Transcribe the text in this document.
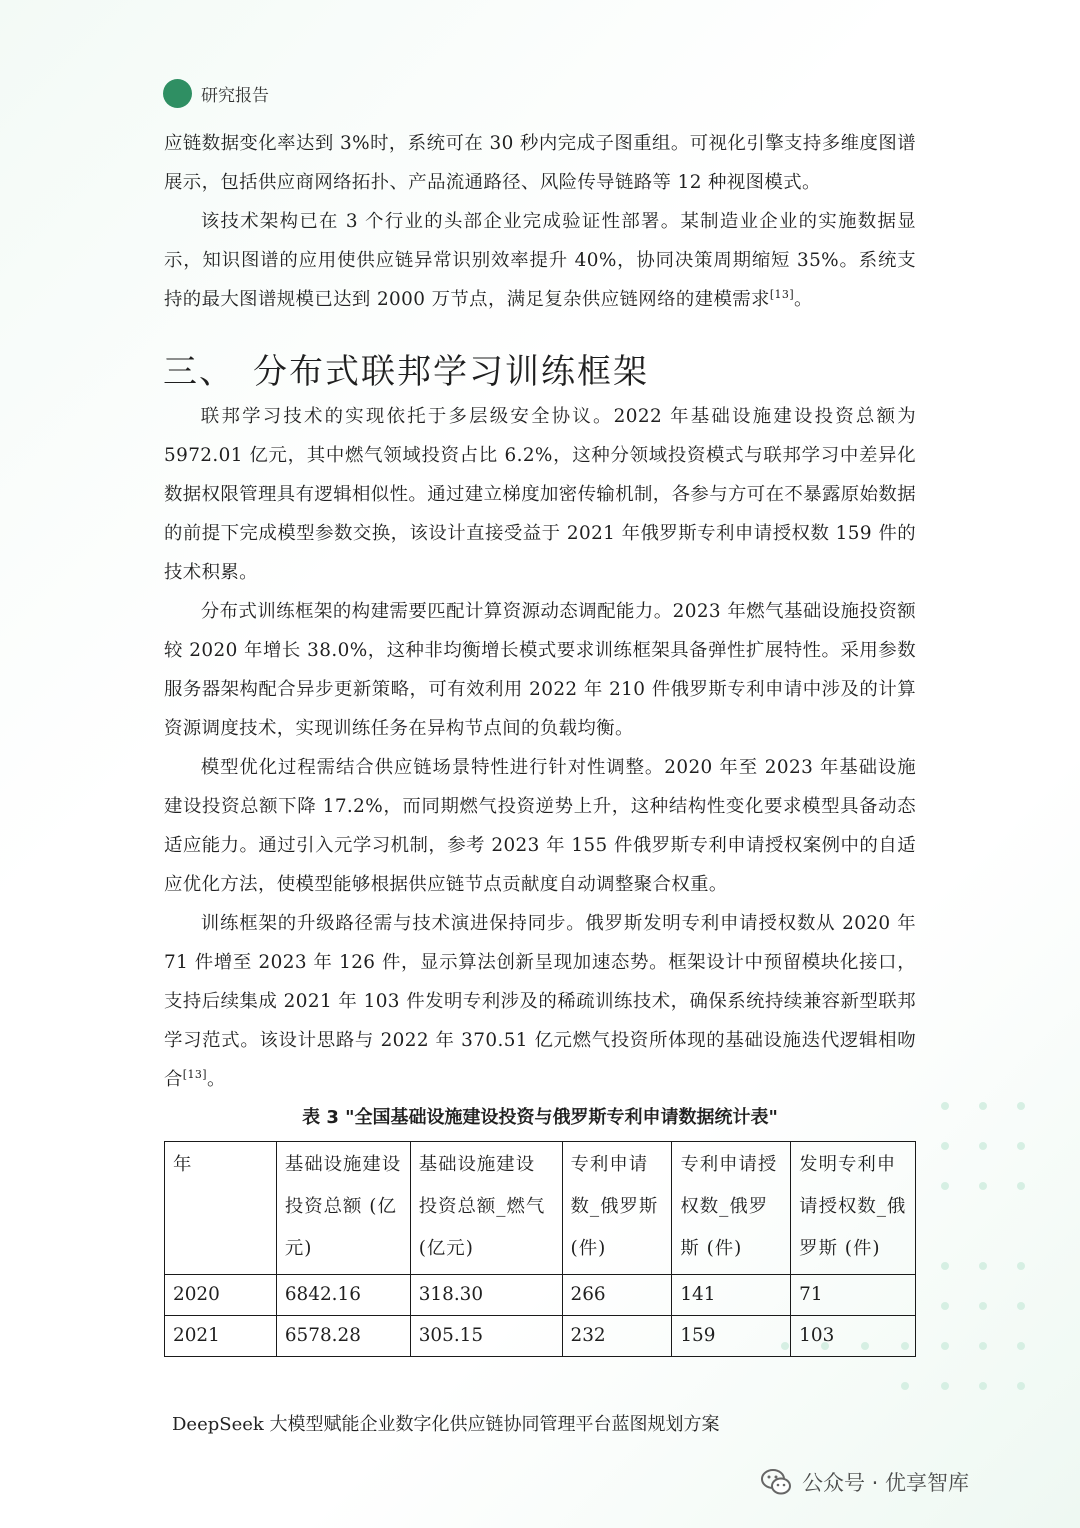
研究报告

应链数据变化率达到 3%时，系统可在 30 秒内完成子图重组。可视化引擎支持多维度图谱展示，包括供应商网络拓扑、产品流通路径、风险传导链路等 12 种视图模式。

该技术架构已在 3 个行业的头部企业完成验证性部署。某制造业企业的实施数据显示，知识图谱的应用使供应链异常识别效率提升 40%，协同决策周期缩短 35%。系统支持的最大图谱规模已达到 2000 万节点，满足复杂供应链网络的建模需求[13]。

三、 分布式联邦学习训练框架

联邦学习技术的实现依托于多层级安全协议。2022 年基础设施建设投资总额为 5972.01 亿元，其中燃气领域投资占比 6.2%，这种分领域投资模式与联邦学习中差异化数据权限管理具有逻辑相似性。通过建立梯度加密传输机制，各参与方可在不暴露原始数据的前提下完成模型参数交换，该设计直接受益于 2021 年俄罗斯专利申请授权数 159 件的技术积累。

分布式训练框架的构建需要匹配计算资源动态调配能力。2023 年燃气基础设施投资额较 2020 年增长 38.0%，这种非均衡增长模式要求训练框架具备弹性扩展特性。采用参数服务器架构配合异步更新策略，可有效利用 2022 年 210 件俄罗斯专利申请中涉及的计算资源调度技术，实现训练任务在异构节点间的负载均衡。

模型优化过程需结合供应链场景特性进行针对性调整。2020 年至 2023 年基础设施建设投资总额下降 17.2%，而同期燃气投资逆势上升，这种结构性变化要求模型具备动态适应能力。通过引入元学习机制，参考 2023 年 155 件俄罗斯专利申请授权案例中的自适应优化方法，使模型能够根据供应链节点贡献度自动调整聚合权重。

训练框架的升级路径需与技术演进保持同步。俄罗斯发明专利申请授权数从 2020 年 71 件增至 2023 年 126 件，显示算法创新呈现加速态势。框架设计中预留模块化接口，支持后续集成 2021 年 103 件发明专利涉及的稀疏训练技术，确保系统持续兼容新型联邦学习范式。该设计思路与 2022 年 370.51 亿元燃气投资所体现的基础设施迭代逻辑相吻合[13]。

表 3 "全国基础设施建设投资与俄罗斯专利申请数据统计表"
年	基础设施建设投资总额 (亿元)	基础设施建设投资总额_燃气 (亿元)	专利申请数_俄罗斯 (件)	专利申请授权数_俄罗斯 (件)	发明专利申请授权数_俄罗斯 (件)
2020	6842.16	318.30	266	141	71
2021	6578.28	305.15	232	159	103
DeepSeek 大模型赋能企业数字化供应链协同管理平台蓝图规划方案
公众号 · 优享智库
